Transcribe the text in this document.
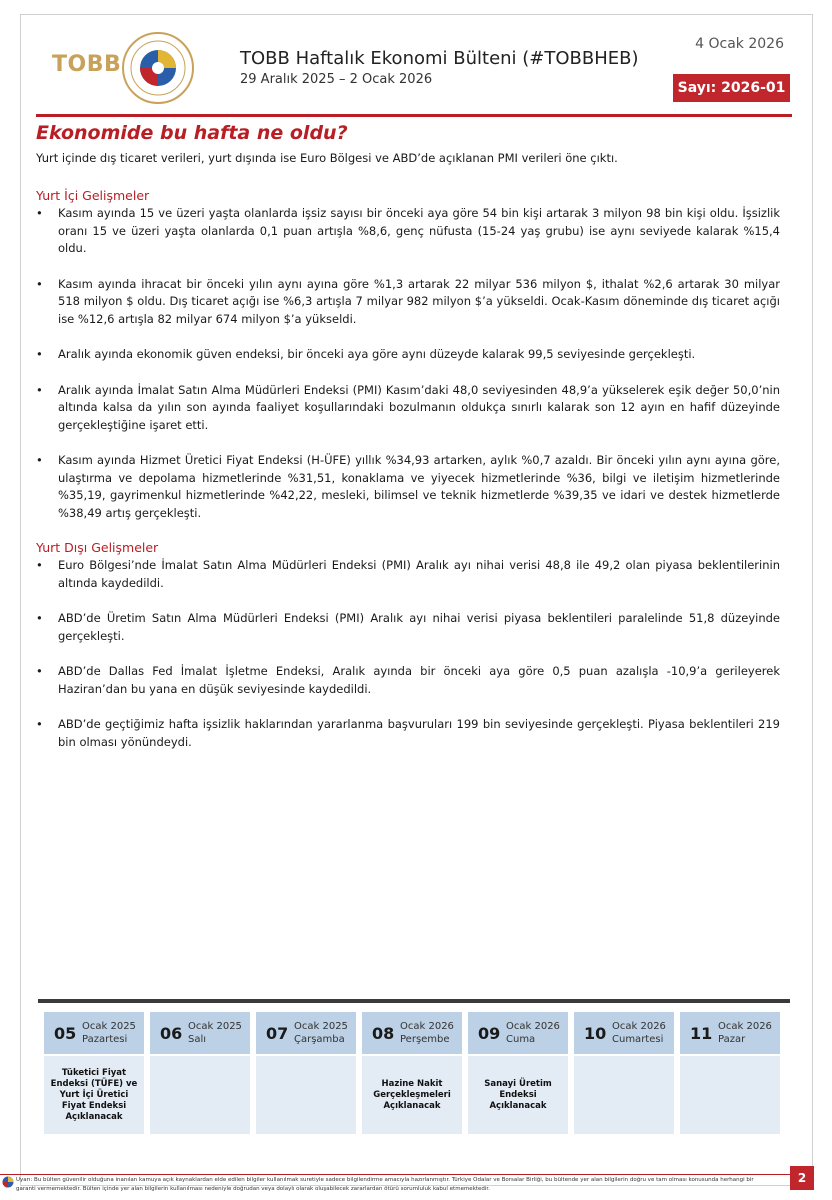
TOBB	TOBB Haftalık Ekonomi Bülteni (#TOBBHEB)
29 Aralık 2025 – 2 Ocak 2026
4 Ocak 2026
Sayı: 2026-01
Ekonomide bu hafta ne oldu?
Yurt içinde dış ticaret verileri, yurt dışında ise Euro Bölgesi ve ABD’de açıklanan PMI verileri öne çıktı.
Yurt İçi Gelişmeler
• Kasım ayında 15 ve üzeri yaşta olanlarda işsiz sayısı bir önceki aya göre 54 bin kişi artarak 3 milyon 98 bin kişi oldu. İşsizlik oranı 15 ve üzeri yaşta olanlarda 0,1 puan artışla %8,6, genç nüfusta (15-24 yaş grubu) ise aynı seviyede kalarak %15,4 oldu.
• Kasım ayında ihracat bir önceki yılın aynı ayına göre %1,3 artarak 22 milyar 536 milyon $, ithalat %2,6 artarak 30 milyar 518 milyon $ oldu. Dış ticaret açığı ise %6,3 artışla 7 milyar 982 milyon $’a yükseldi. Ocak-Kasım döneminde dış ticaret açığı ise %12,6 artışla 82 milyar 674 milyon $’a yükseldi.
• Aralık ayında ekonomik güven endeksi, bir önceki aya göre aynı düzeyde kalarak 99,5 seviyesinde gerçekleşti.
• Aralık ayında İmalat Satın Alma Müdürleri Endeksi (PMI) Kasım’daki 48,0 seviyesinden 48,9’a yükselerek eşik değer 50,0’nin altında kalsa da yılın son ayında faaliyet koşullarındaki bozulmanın oldukça sınırlı kalarak son 12 ayın en hafif düzeyinde gerçekleştiğine işaret etti.
• Kasım ayında Hizmet Üretici Fiyat Endeksi (H-ÜFE) yıllık %34,93 artarken, aylık %0,7 azaldı. Bir önceki yılın aynı ayına göre, ulaştırma ve depolama hizmetlerinde %31,51, konaklama ve yiyecek hizmetlerinde %36, bilgi ve iletişim hizmetlerinde %35,19, gayrimenkul hizmetlerinde %42,22, mesleki, bilimsel ve teknik hizmetlerde %39,35 ve idari ve destek hizmetlerde %38,49 artış gerçekleşti.
Yurt Dışı Gelişmeler
• Euro Bölgesi’nde İmalat Satın Alma Müdürleri Endeksi (PMI) Aralık ayı nihai verisi 48,8 ile 49,2 olan piyasa beklentilerinin altında kaydedildi.
• ABD’de Üretim Satın Alma Müdürleri Endeksi (PMI) Aralık ayı nihai verisi piyasa beklentileri paralelinde 51,8 düzeyinde gerçekleşti.
• ABD’de Dallas Fed İmalat İşletme Endeksi, Aralık ayında bir önceki aya göre 0,5 puan azalışla -10,9’a gerileyerek Haziran’dan bu yana en düşük seviyesinde kaydedildi.
• ABD’de geçtiğimiz hafta işsizlik haklarından yararlanma başvuruları 199 bin seviyesinde gerçekleşti. Piyasa beklentileri 219 bin olması yönündeydi.
05 Ocak 2025
Pazartesi
Tüketici Fiyat Endeksi (TÜFE) ve Yurt İçi Üretici Fiyat Endeksi Açıklanacak
06 Ocak 2025
Salı	07 Ocak 2025
Çarşamba 08 Ocak 2026
Perşembe
Hazine Nakit Gerçekleşmeleri Açıklanacak
09 Ocak 2026
Cuma
Sanayi Üretim Endeksi Açıklanacak
10 Ocak 2026
Cumartesi 11 Ocak 2026
Pazar
Uyarı: Bu bülten güvenilir olduğuna inanılan kamuya açık kaynaklardan elde edilen bilgiler kullanılmak suretiyle sadece bilgilendirme amacıyla hazırlanmıştır. Türkiye Odalar ve Borsalar Birliği, bu bültende yer alan bilgilerin doğru ve tam olması konusunda herhangi bir garanti vermemektedir. Bülten içinde yer alan bilgilerin kullanılması nedeniyle doğrudan veya dolaylı olarak oluşabilecek zararlardan ötürü sorumluluk kabul etmemektedir.
2
